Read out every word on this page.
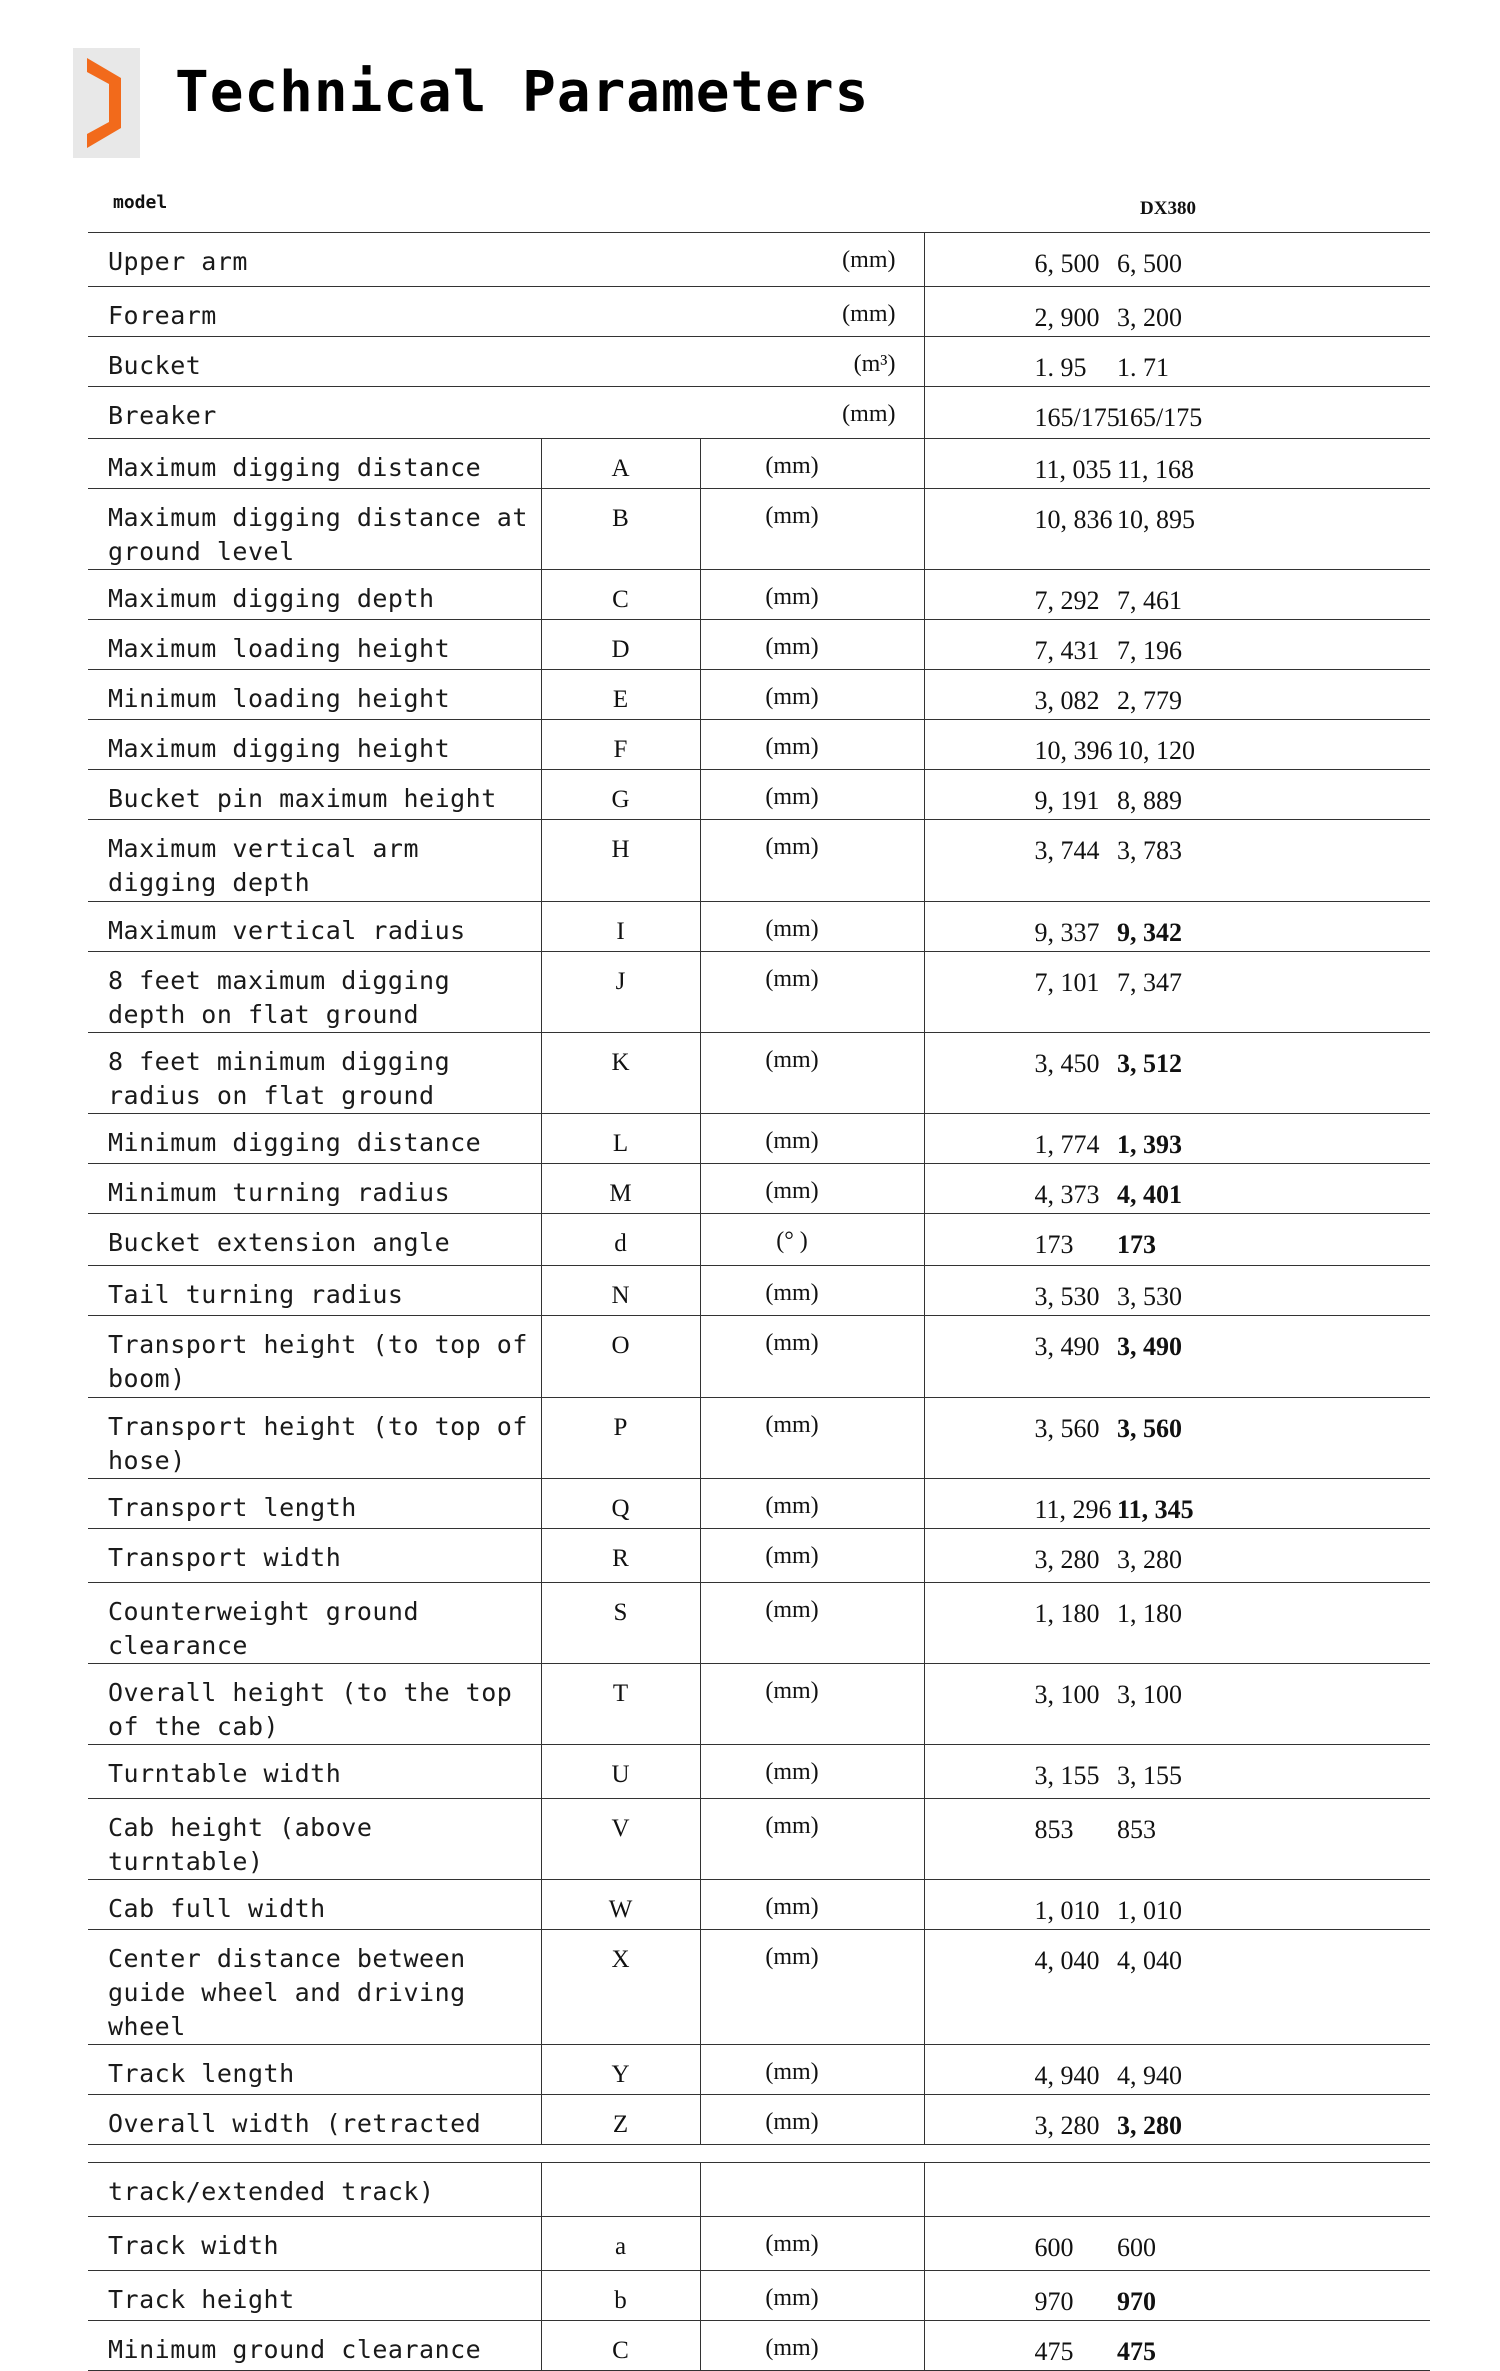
Technical Parameters
model	DX380
Upper arm		(mm)	6, 500	6, 500
Forearm		(mm)	2, 900	3, 200
Bucket		(m³)	1. 95	1. 71
Breaker		(mm)	165/175	165/175
Maximum digging distance	A	(mm)	11, 035	11, 168
Maximum digging distance at ground level	B	(mm)	10, 836	10, 895
Maximum digging depth	C	(mm)	7, 292	7, 461
Maximum loading height	D	(mm)	7, 431	7, 196
Minimum loading height	E	(mm)	3, 082	2, 779
Maximum digging height	F	(mm)	10, 396	10, 120
Bucket pin maximum height	G	(mm)	9, 191	8, 889
Maximum vertical arm digging depth	H	(mm)	3, 744	3, 783
Maximum vertical radius	I	(mm)	9, 337	9, 342
8 feet maximum digging depth on flat ground	J	(mm)	7, 101	7, 347
8 feet minimum digging radius on flat ground	K	(mm)	3, 450	3, 512
Minimum digging distance	L	(mm)	1, 774	1, 393
Minimum turning radius	M	(mm)	4, 373	4, 401
Bucket extension angle	d	(° )	173	173
Tail turning radius	N	(mm)	3, 530	3, 530
Transport height (to top of boom)	O	(mm)	3, 490	3, 490
Transport height (to top of hose)	P	(mm)	3, 560	3, 560
Transport length	Q	(mm)	11, 296	11, 345
Transport width	R	(mm)	3, 280	3, 280
Counterweight ground clearance	S	(mm)	1, 180	1, 180
Overall height (to the top of the cab)	T	(mm)	3, 100	3, 100
Turntable width	U	(mm)	3, 155	3, 155
Cab height (above turntable)	V	(mm)	853	853
Cab full width	W	(mm)	1, 010	1, 010
Center distance between guide wheel and driving wheel	X	(mm)	4, 040	4, 040
Track length	Y	(mm)	4, 940	4, 940
Overall width (retracted	Z	(mm)	3, 280	3, 280

track/extended track)				
Track width	a	(mm)	600	600
Track height	b	(mm)	970	970
Minimum ground clearance	C	(mm)	475	475
